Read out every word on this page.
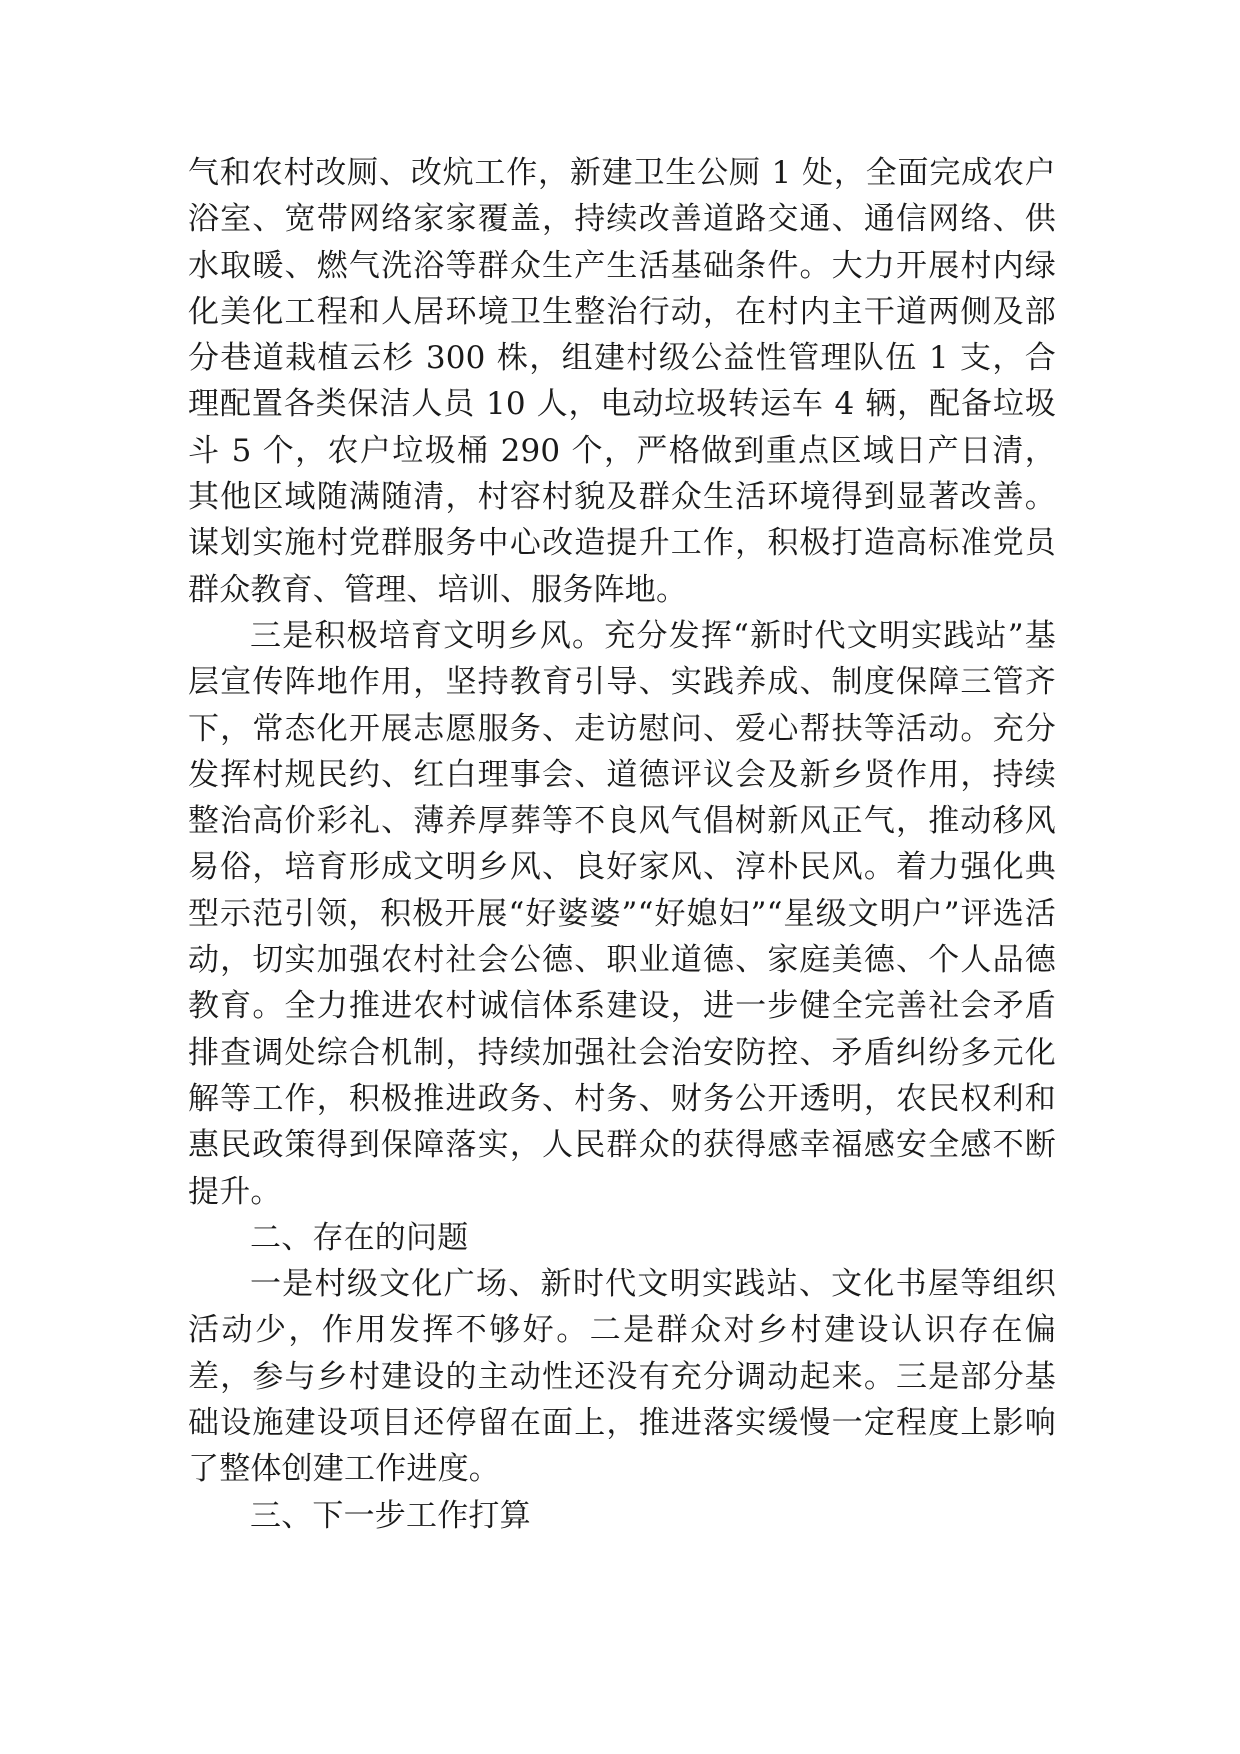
气和农村改厕、改炕工作，新建卫生公厕 1 处，全面完成农户浴室、宽带网络家家覆盖，持续改善道路交通、通信网络、供水取暖、燃气洗浴等群众生产生活基础条件。大力开展村内绿化美化工程和人居环境卫生整治行动，在村内主干道两侧及部分巷道栽植云杉 300 株，组建村级公益性管理队伍 1 支，合理配置各类保洁人员 10 人，电动垃圾转运车 4 辆，配备垃圾斗 5 个，农户垃圾桶 290 个，严格做到重点区域日产日清，其他区域随满随清，村容村貌及群众生活环境得到显著改善。谋划实施村党群服务中心改造提升工作，积极打造高标准党员群众教育、管理、培训、服务阵地。

三是积极培育文明乡风。充分发挥“新时代文明实践站”基层宣传阵地作用，坚持教育引导、实践养成、制度保障三管齐下，常态化开展志愿服务、走访慰问、爱心帮扶等活动。充分发挥村规民约、红白理事会、道德评议会及新乡贤作用，持续整治高价彩礼、薄养厚葬等不良风气倡树新风正气，推动移风易俗，培育形成文明乡风、良好家风、淳朴民风。着力强化典型示范引领，积极开展“好婆婆”“好媳妇”“星级文明户”评选活动，切实加强农村社会公德、职业道德、家庭美德、个人品德教育。全力推进农村诚信体系建设，进一步健全完善社会矛盾排查调处综合机制，持续加强社会治安防控、矛盾纠纷多元化解等工作，积极推进政务、村务、财务公开透明，农民权利和惠民政策得到保障落实，人民群众的获得感幸福感安全感不断提升。

二、存在的问题

一是村级文化广场、新时代文明实践站、文化书屋等组织活动少，作用发挥不够好。二是群众对乡村建设认识存在偏差，参与乡村建设的主动性还没有充分调动起来。三是部分基础设施建设项目还停留在面上，推进落实缓慢一定程度上影响了整体创建工作进度。

三、下一步工作打算
